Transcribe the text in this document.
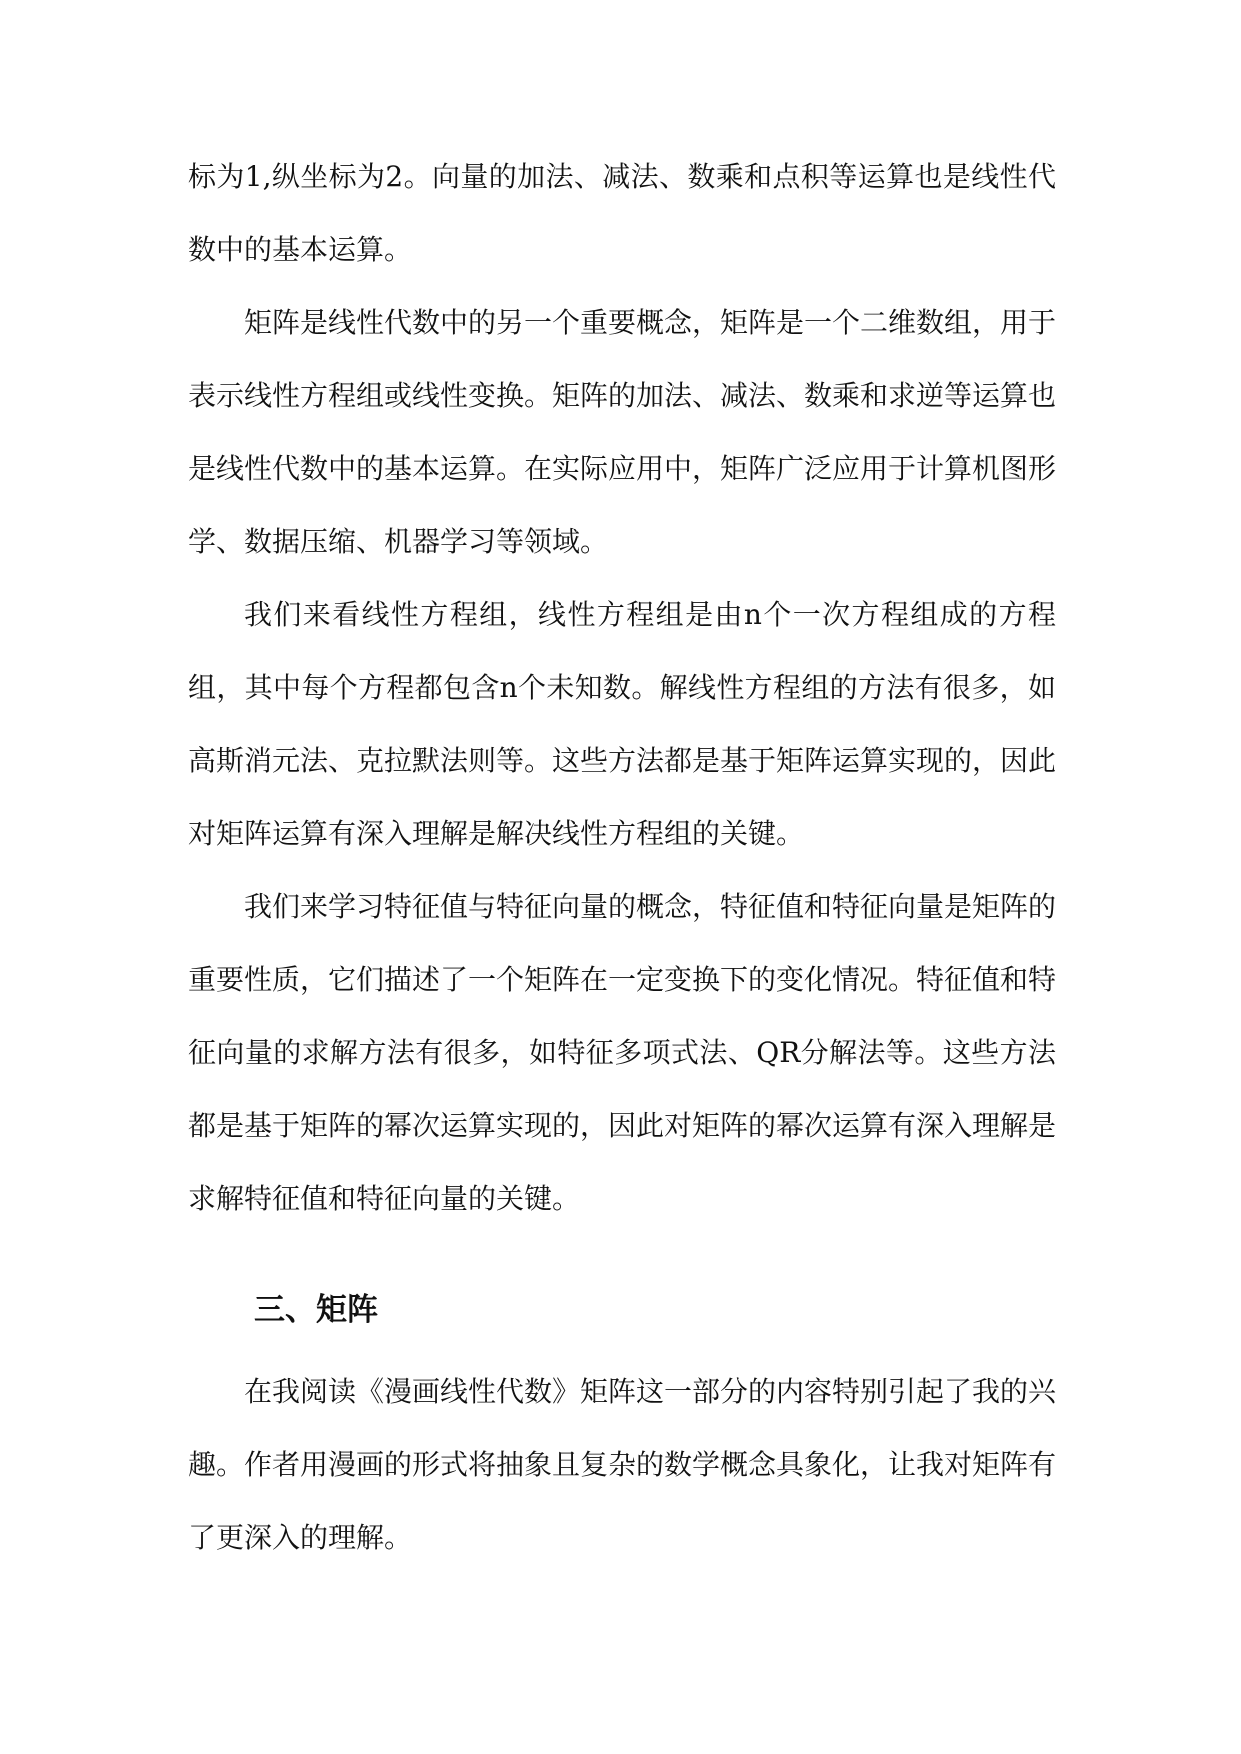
标为1,纵坐标为2。向量的加法、减法、数乘和点积等运算也是线性代数中的基本运算。

矩阵是线性代数中的另一个重要概念，矩阵是一个二维数组，用于表示线性方程组或线性变换。矩阵的加法、减法、数乘和求逆等运算也是线性代数中的基本运算。在实际应用中，矩阵广泛应用于计算机图形学、数据压缩、机器学习等领域。

我们来看线性方程组，线性方程组是由n个一次方程组成的方程组，其中每个方程都包含n个未知数。解线性方程组的方法有很多，如高斯消元法、克拉默法则等。这些方法都是基于矩阵运算实现的，因此对矩阵运算有深入理解是解决线性方程组的关键。

我们来学习特征值与特征向量的概念，特征值和特征向量是矩阵的重要性质，它们描述了一个矩阵在一定变换下的变化情况。特征值和特征向量的求解方法有很多，如特征多项式法、QR分解法等。这些方法都是基于矩阵的幂次运算实现的，因此对矩阵的幂次运算有深入理解是求解特征值和特征向量的关键。

三、矩阵

在我阅读《漫画线性代数》矩阵这一部分的内容特别引起了我的兴趣。作者用漫画的形式将抽象且复杂的数学概念具象化，让我对矩阵有了更深入的理解。
